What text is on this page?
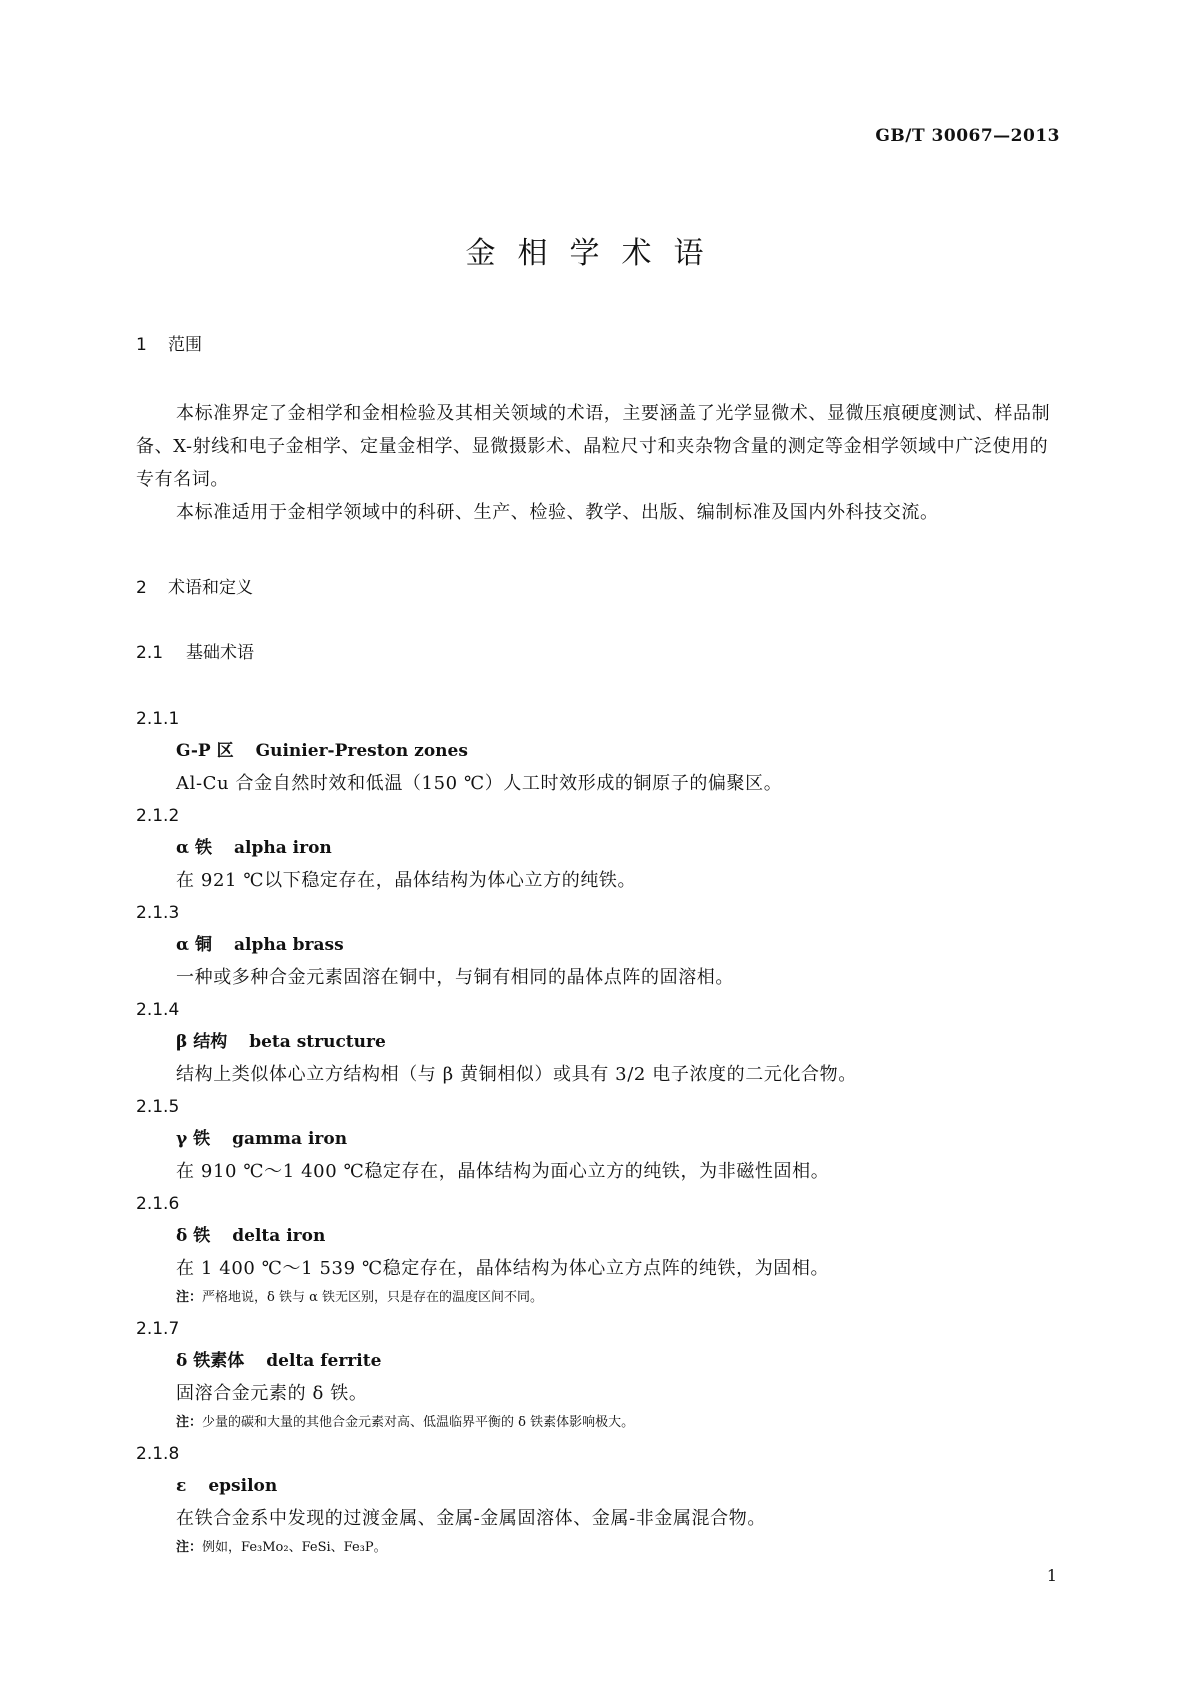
GB/T 30067—2013
金相学术语
1 范围

本标准界定了金相学和金相检验及其相关领域的术语，主要涵盖了光学显微术、显微压痕硬度测试、样品制备、X-射线和电子金相学、定量金相学、显微摄影术、晶粒尺寸和夹杂物含量的测定等金相学领域中广泛使用的专有名词。

本标准适用于金相学领域中的科研、生产、检验、教学、出版、编制标准及国内外科技交流。

2 术语和定义
2.1 基础术语
2.1.1
G-P 区 Guinier-Preston zones
Al-Cu 合金自然时效和低温（150 ℃）人工时效形成的铜原子的偏聚区。
2.1.2
α 铁 alpha iron
在 921 ℃以下稳定存在，晶体结构为体心立方的纯铁。
2.1.3
α 铜 alpha brass
一种或多种合金元素固溶在铜中，与铜有相同的晶体点阵的固溶相。
2.1.4
β 结构 beta structure
结构上类似体心立方结构相（与 β 黄铜相似）或具有 3/2 电子浓度的二元化合物。
2.1.5
γ 铁 gamma iron
在 910 ℃～1 400 ℃稳定存在，晶体结构为面心立方的纯铁，为非磁性固相。
2.1.6
δ 铁 delta iron
在 1 400 ℃～1 539 ℃稳定存在，晶体结构为体心立方点阵的纯铁，为固相。
注：严格地说，δ 铁与 α 铁无区别，只是存在的温度区间不同。
2.1.7
δ 铁素体 delta ferrite
固溶合金元素的 δ 铁。
注：少量的碳和大量的其他合金元素对高、低温临界平衡的 δ 铁素体影响极大。
2.1.8
ε epsilon
在铁合金系中发现的过渡金属、金属-金属固溶体、金属-非金属混合物。
注：例如，Fe₃Mo₂、FeSi、Fe₃P。
1
